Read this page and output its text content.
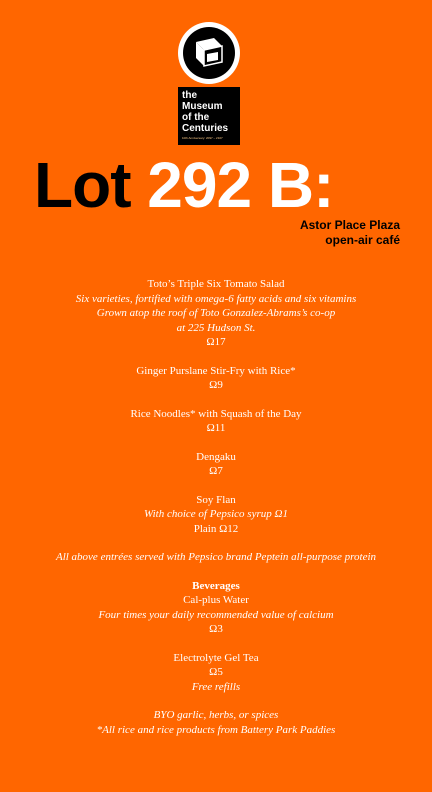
the
Museum
of the
Centuries
10th Anniversary: 2097 – 2107
Lot 292 B:
Astor Place Plaza
open-air café
Toto’s Triple Six Tomato Salad
Six varieties, fortified with omega-6 fatty acids and six vitamins
Grown atop the roof of Toto Gonzalez-Abrams’s co-op
at 225 Hudson St.
Ω17
Ginger Purslane Stir-Fry with Rice*
Ω9
Rice Noodles* with Squash of the Day
Ω11
Dengaku
Ω7
Soy Flan
With choice of Pepsico syrup Ω1
Plain Ω12
All above entrées served with Pepsico brand Peptein all-purpose protein
Beverages
Cal-plus Water
Four times your daily recommended value of calcium
Ω3
Electrolyte Gel Tea
Ω5
Free refills
BYO garlic, herbs, or spices
*All rice and rice products from Battery Park Paddies
